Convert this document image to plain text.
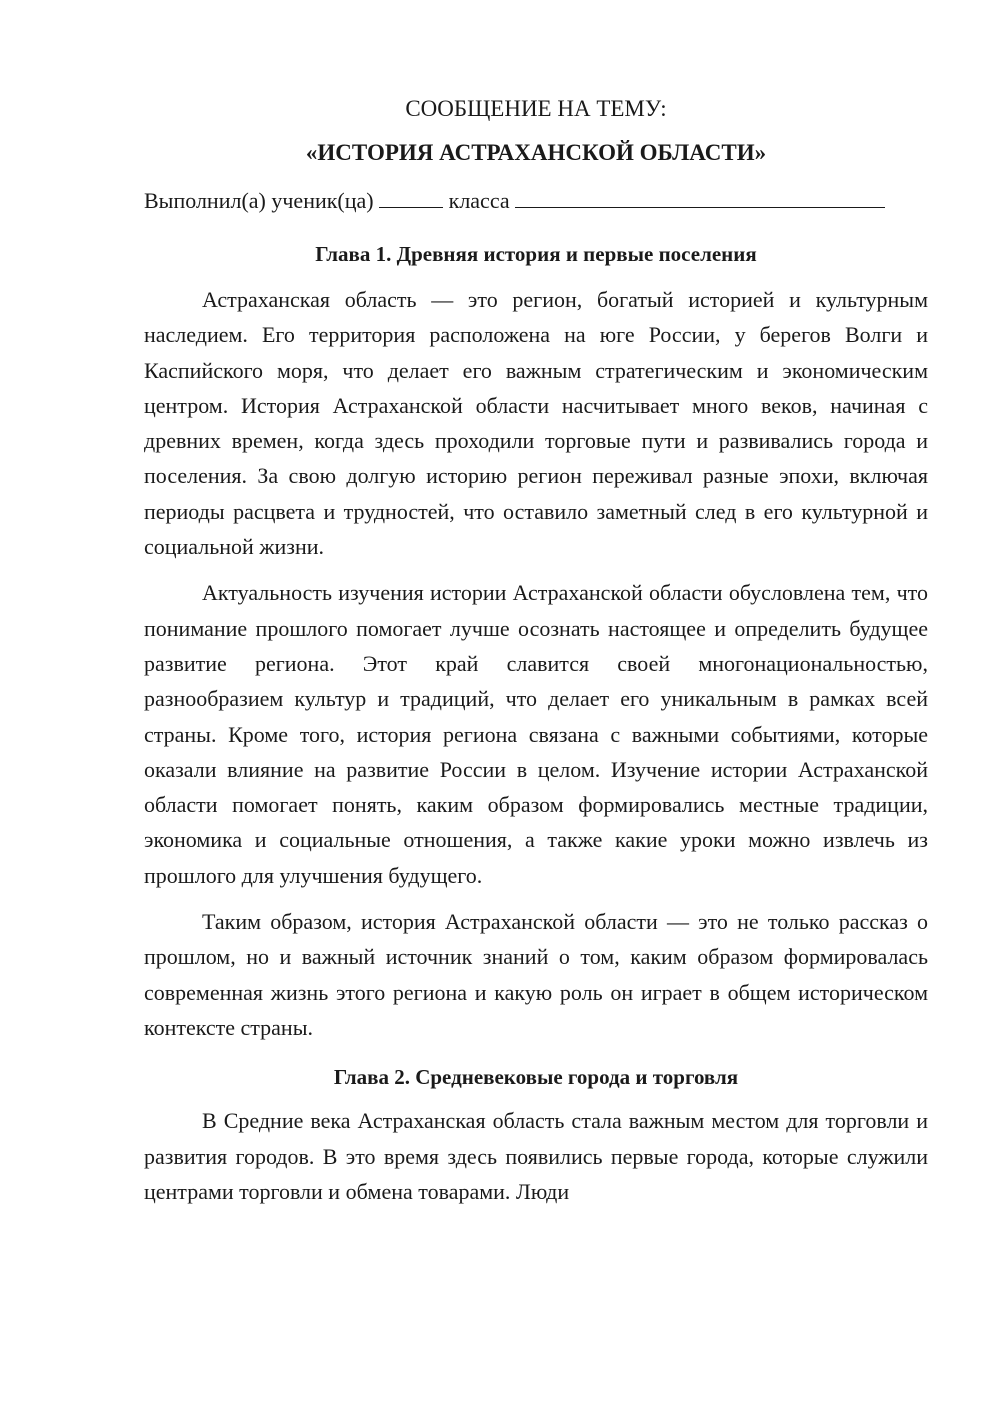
СООБЩЕНИЕ НА ТЕМУ:

«ИСТОРИЯ АСТРАХАНСКОЙ ОБЛАСТИ»

Выполнил(а) ученик(ца)	класса

Глава 1. Древняя история и первые поселения

Астраханская область — это регион, богатый историей и культурным наследием. Его территория расположена на юге России, у берегов Волги и Каспийского моря, что делает его важным стратегическим и экономическим центром. История Астраханской области насчитывает много веков, начиная с древних времен, когда здесь проходили торговые пути и развивались города и поселения. За свою долгую историю регион переживал разные эпохи, включая периоды расцвета и трудностей, что оставило заметный след в его культурной и социальной жизни.

Актуальность изучения истории Астраханской области обусловлена тем, что понимание прошлого помогает лучше осознать настоящее и определить будущее развитие региона. Этот край славится своей многонациональностью, разнообразием культур и традиций, что делает его уникальным в рамках всей страны. Кроме того, история региона связана с важными событиями, которые оказали влияние на развитие России в целом. Изучение истории Астраханской области помогает понять, каким образом формировались местные традиции, экономика и социальные отношения, а также какие уроки можно извлечь из прошлого для улучшения будущего.

Таким образом, история Астраханской области — это не только рассказ о прошлом, но и важный источник знаний о том, каким образом формировалась современная жизнь этого региона и какую роль он играет в общем историческом контексте страны.

Глава 2. Средневековые города и торговля

В Средние века Астраханская область стала важным местом для торговли и развития городов. В это время здесь появились первые города, которые служили центрами торговли и обмена товарами. Люди
